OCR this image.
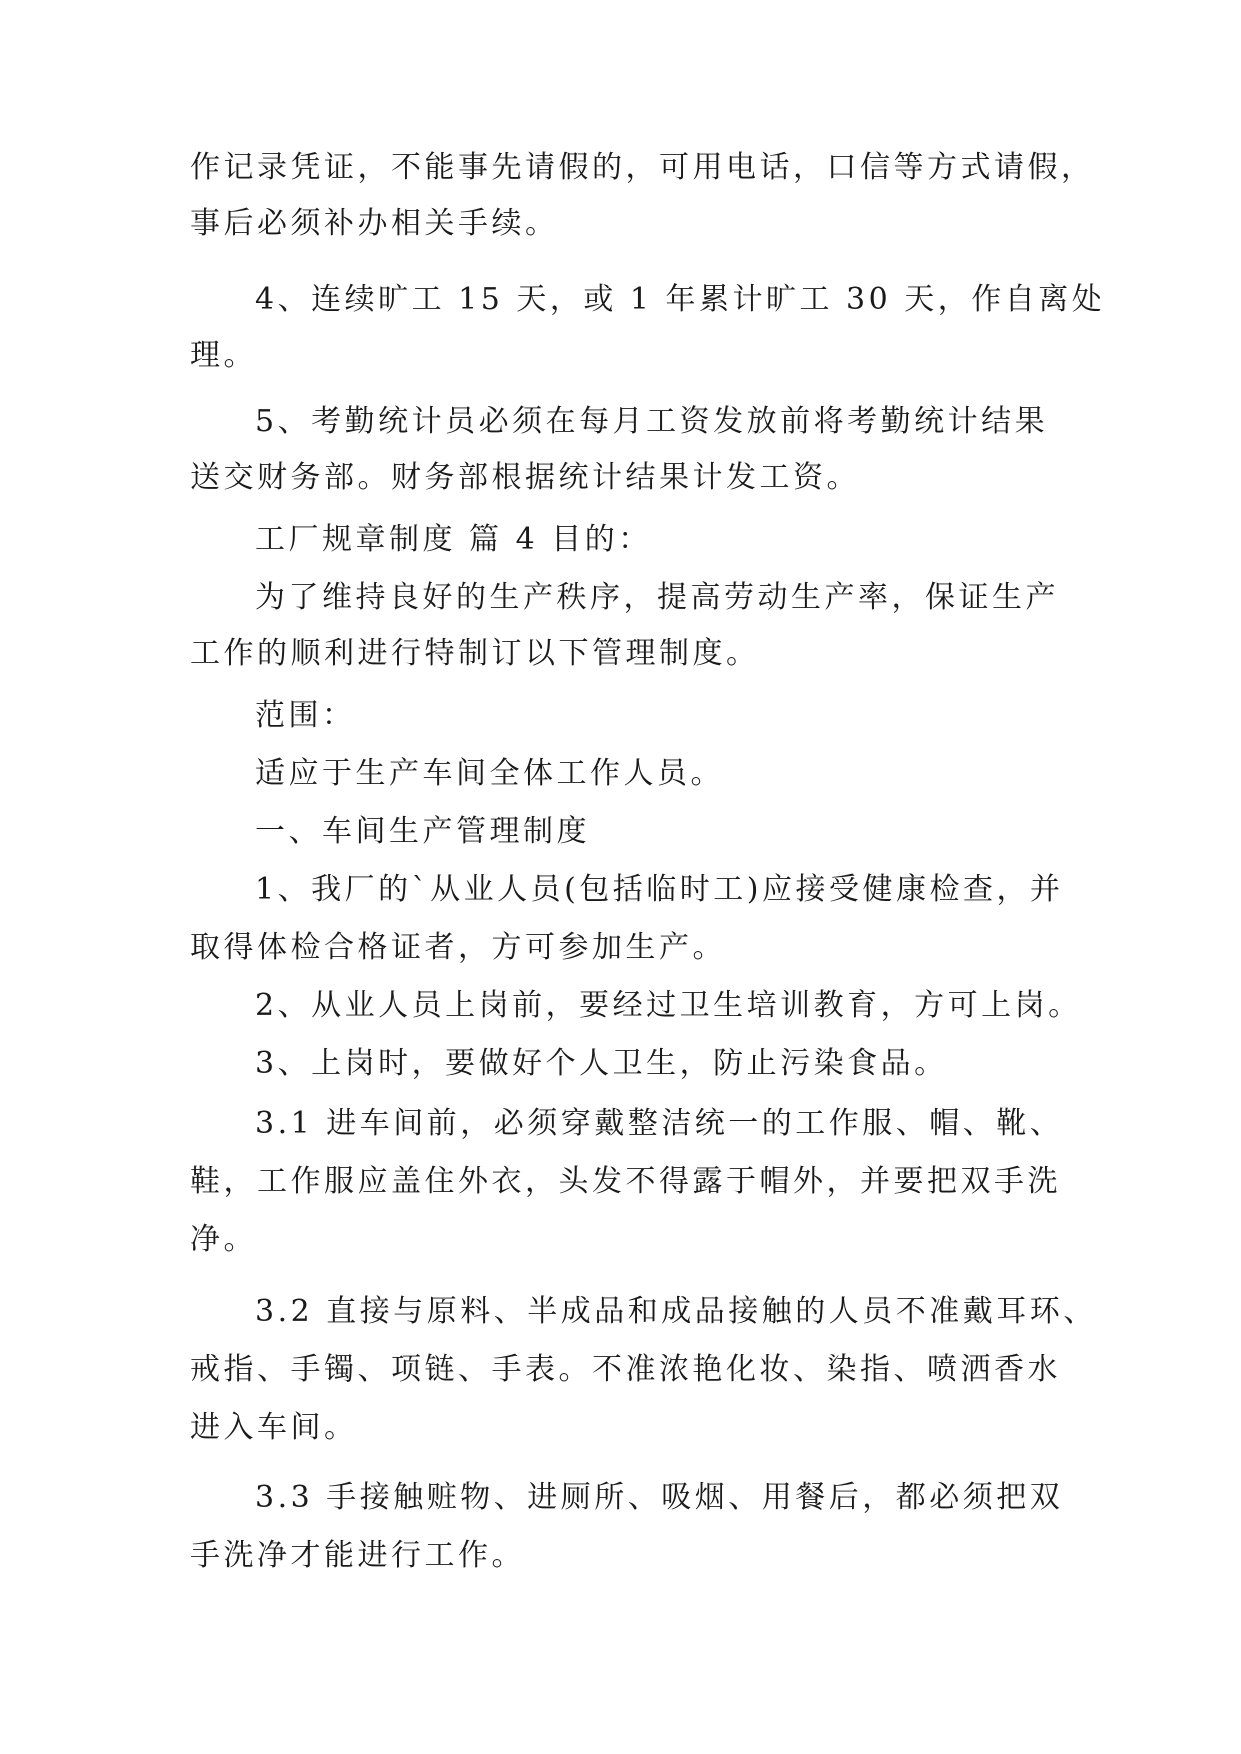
作记录凭证，不能事先请假的，可用电话，口信等方式请假，
事后必须补办相关手续。
4、连续旷工 15 天，或 1 年累计旷工 30 天，作自离处
理。
5、考勤统计员必须在每月工资发放前将考勤统计结果
送交财务部。财务部根据统计结果计发工资。
工厂规章制度 篇 4 目的：
为了维持良好的生产秩序，提高劳动生产率，保证生产
工作的顺利进行特制订以下管理制度。
范围：
适应于生产车间全体工作人员。
一、车间生产管理制度
1、我厂的`从业人员(包括临时工)应接受健康检查，并
取得体检合格证者，方可参加生产。
2、从业人员上岗前，要经过卫生培训教育，方可上岗。
3、上岗时，要做好个人卫生，防止污染食品。
3.1 进车间前，必须穿戴整洁统一的工作服、帽、靴、
鞋，工作服应盖住外衣，头发不得露于帽外，并要把双手洗
净。
3.2 直接与原料、半成品和成品接触的人员不准戴耳环、
戒指、手镯、项链、手表。不准浓艳化妆、染指、喷洒香水
进入车间。
3.3 手接触赃物、进厕所、吸烟、用餐后，都必须把双
手洗净才能进行工作。
